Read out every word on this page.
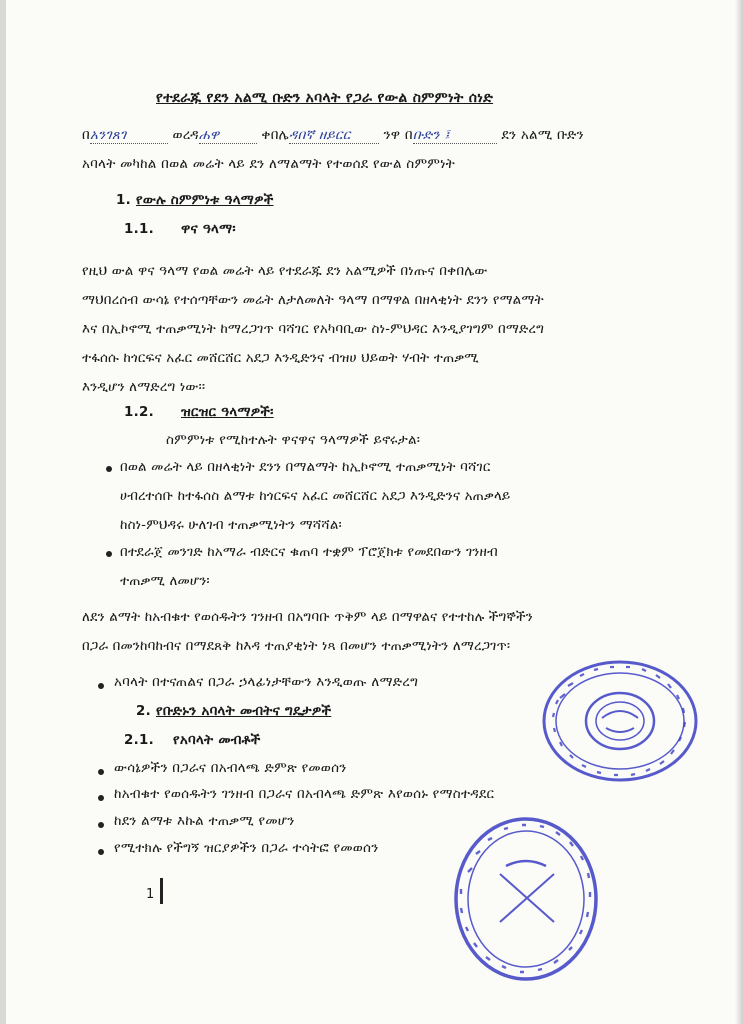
የተደራጁ የደን አልሚ ቡድን አባላት የጋራ የውል ስምምነት ሰነድ
በአንገጸገ	ወረዳሐዋ	ቀበሌዳበኛ ዘይርር ንዋ በቡድን ፤	ደን አልሚ ቡድን
አባላት መካከል በወል መሬት ላይ ደን ለማልማት የተወሰደ የውል ስምምነት
1. የውሉ ስምምነቱ ዓላማዎች
1.1. ዋና ዓላማ፡
የዚህ ውል ዋና ዓላማ የወል መሬት ላይ የተደራጁ ደን አልሚዎች በነጡና በቀበሌው
ማህበረሰብ ውሳኔ የተሰጣቸውን መሬት ለታለመለት ዓላማ በማዋል በዘላቂነት ደንን የማልማት
እና በኢኮኖሚ ተጠቃሚነት ከማረጋገጥ ባሻገር የአካባቢው ስነ-ምህዳር እንዲያገግም በማድረግ
ተፋሰሱ ከጎርፍና አፈር መሸርሸር አደጋ እንዲድንና ብዝሀ ህይወት ሃብት ተጠቃሚ
እንዲሆን ለማድረግ ነው፡፡
1.2. ዝርዝር ዓላማዎች፡
ስምምነቱ የሚከተሉት ዋናዋና ዓላማዎች ይኖሩታል፡
በወል መሬት ላይ በዘላቂነት ደንን በማልማት ከኢኮኖሚ ተጠቃሚነት ባሻገር
ሀብረተሰቡ ከተፋሰስ ልማቱ ከጎርፍና አፈር መሸርሸር አደጋ እንዲድንና አጠቃላይ
ከስነ-ምህዳሩ ሁለገብ ተጠቃሚነትን ማሻሻል፡
በተደራጀ መንገድ ከአማራ ብድርና ቁጠባ ተቋም ፕሮጀክቱ የመደበውን ገንዘብ
ተጠቃሚ ለመሆን፡
ለደን ልማት ከአብቁተ የወሰዱትን ገንዘብ በአግባቡ ጥቅም ላይ በማዋልና የተተከሉ ችግኞችን
በጋራ በመንከባከብና በማደጸቅ ከእዳ ተጠያቂነት ነጻ በመሆን ተጠቃሚነትን ለማረጋገጥ፡
አባላት በተናጠልና በጋራ ኃላፊነታቸውን እንዲወጡ ለማድረግ
2. የቡድኑን አባላት መብትና ግዴታዎች
2.1. የአባላት መብቶች
ውሳኔዎችን በጋራና በአብላጫ ድምጽ የመወሰን
ከአብቁተ የወሰዱትን ገንዘብ በጋራና በአብላጫ ድምጽ እየወሰኑ የማስተዳደር
ከደን ልማቱ እኩል ተጠቃሚ የመሆን
የሚተክሉ የችግኝ ዝርያዎችን በጋራ ተሳትፎ የመወሰን
1
